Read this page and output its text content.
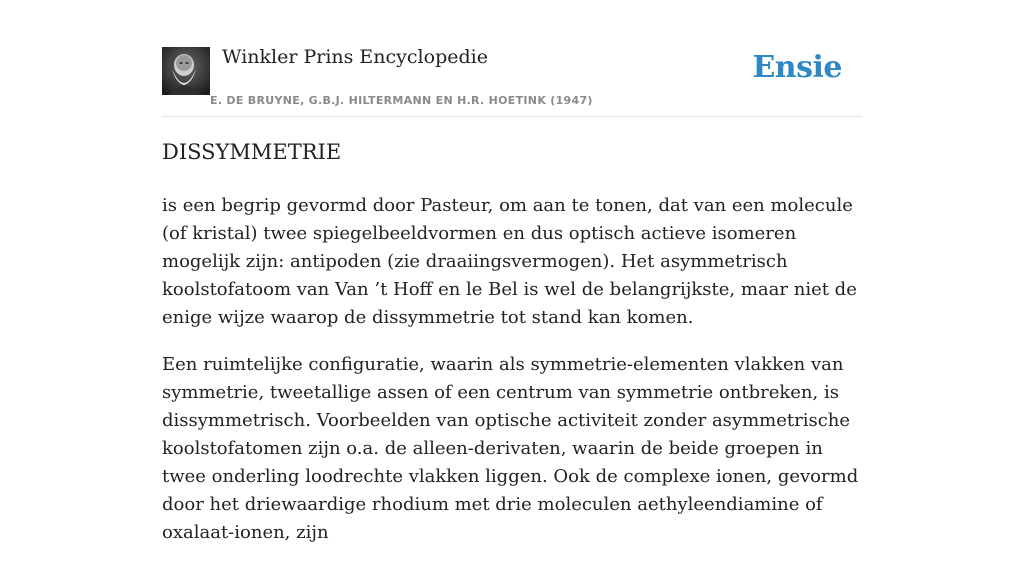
Winkler Prins Encyclopedie
E. DE BRUYNE, G.B.J. HILTERMANN EN H.R. HOETINK (1947)
Ensie
DISSYMMETRIE

is een begrip gevormd door Pasteur, om aan te tonen, dat van een molecule (of kristal) twee spiegelbeeldvormen en dus optisch actieve isomeren mogelijk zijn: antipoden (zie draaiingsvermogen). Het asymmetrisch koolstofatoom van Van ’t Hoff en le Bel is wel de belangrijkste, maar niet de enige wijze waarop de dissymmetrie tot stand kan komen.

Een ruimtelijke configuratie, waarin als symmetrie-elementen vlakken van symmetrie, tweetallige assen of een centrum van symmetrie ontbreken, is dissymmetrisch. Voorbeelden van optische activiteit zonder asymmetrische koolstofatomen zijn o.a. de alleen-derivaten, waarin de beide groepen in twee onderling loodrechte vlakken liggen. Ook de complexe ionen, gevormd door het driewaardige rhodium met drie moleculen aethyleendiamine of oxalaat-ionen, zijn
